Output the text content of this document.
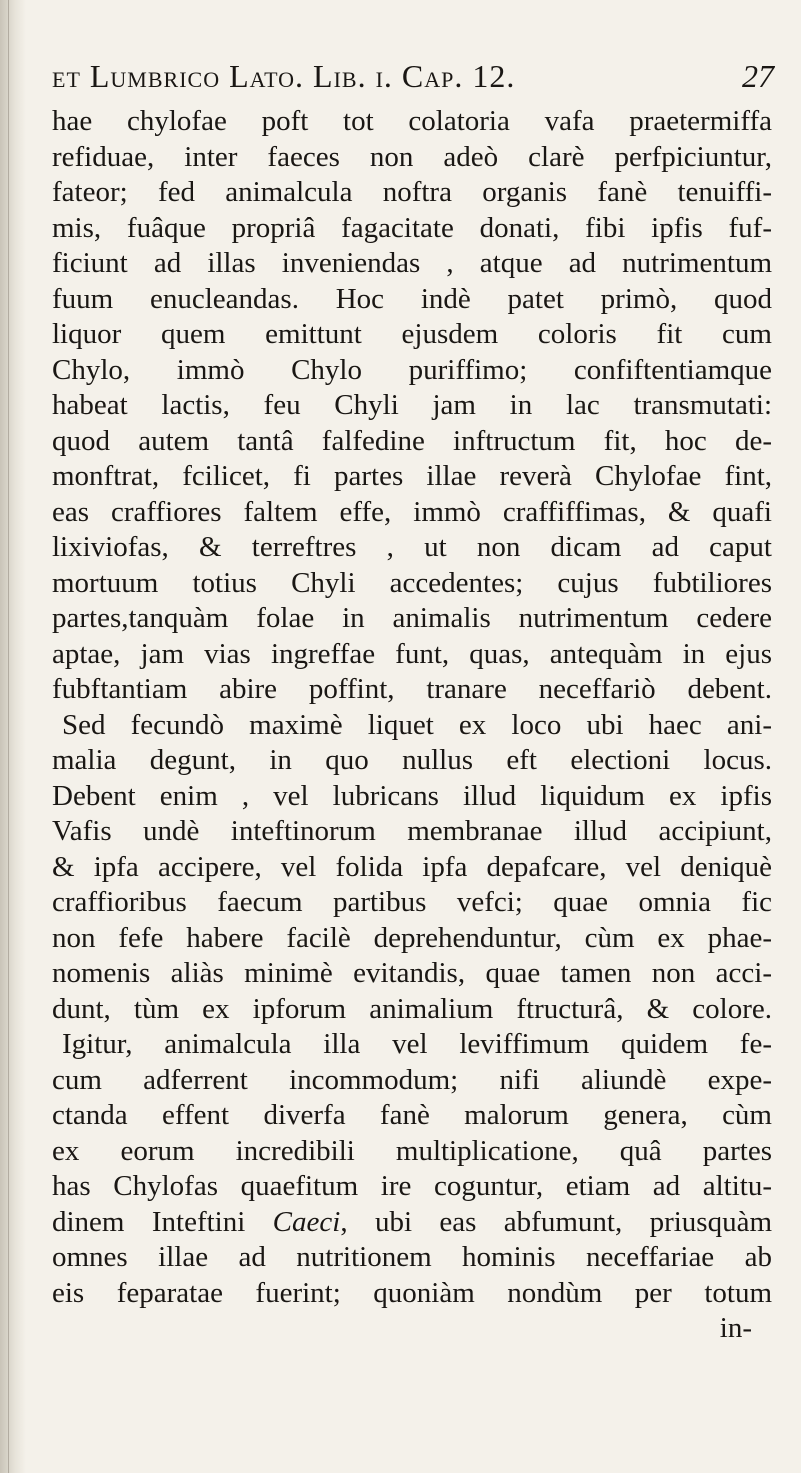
et Lumbrico Lato. Lib. i. Cap. 12.	27
hae chylofae poft tot colatoria vafa praetermiffa
refiduae, inter faeces non adeò clarè perfpiciuntur,
fateor; fed animalcula noftra organis fanè tenuiffi-
mis, fuâque propriâ fagacitate donati, fibi ipfis fuf-
ficiunt ad illas inveniendas , atque ad nutrimentum
fuum enucleandas. Hoc indè patet primò, quod
liquor quem emittunt ejusdem coloris fit cum
Chylo, immò Chylo puriffimo; confiftentiamque
habeat lactis, feu Chyli jam in lac transmutati:
quod autem tantâ falfedine inftructum fit, hoc de-
monftrat, fcilicet, fi partes illae reverà Chylofae fint,
eas craffiores faltem effe, immò craffiffimas, & quafi
lixiviofas, & terreftres , ut non dicam ad caput
mortuum totius Chyli accedentes; cujus fubtiliores
partes,tanquàm folae in animalis nutrimentum cedere
aptae, jam vias ingreffae funt, quas, antequàm in ejus
fubftantiam abire poffint, tranare neceffariò debent.
Sed fecundò maximè liquet ex loco ubi haec ani-
malia degunt, in quo nullus eft electioni locus.
Debent enim , vel lubricans illud liquidum ex ipfis
Vafis undè inteftinorum membranae illud accipiunt,
& ipfa accipere, vel folida ipfa depafcare, vel deniquè
craffioribus faecum partibus vefci; quae omnia fic
non fefe habere facilè deprehenduntur, cùm ex phae-
nomenis aliàs minimè evitandis, quae tamen non acci-
dunt, tùm ex ipforum animalium ftructurâ, & colore.
Igitur, animalcula illa vel leviffimum quidem fe-
cum adferrent incommodum; nifi aliundè expe-
ctanda effent diverfa fanè malorum genera, cùm
ex eorum incredibili multiplicatione, quâ partes
has Chylofas quaefitum ire coguntur, etiam ad altitu-
dinem Inteftini Caeci, ubi eas abfumunt, priusquàm
omnes illae ad nutritionem hominis neceffariae ab
eis feparatae fuerint; quoniàm nondùm per totum
in-
